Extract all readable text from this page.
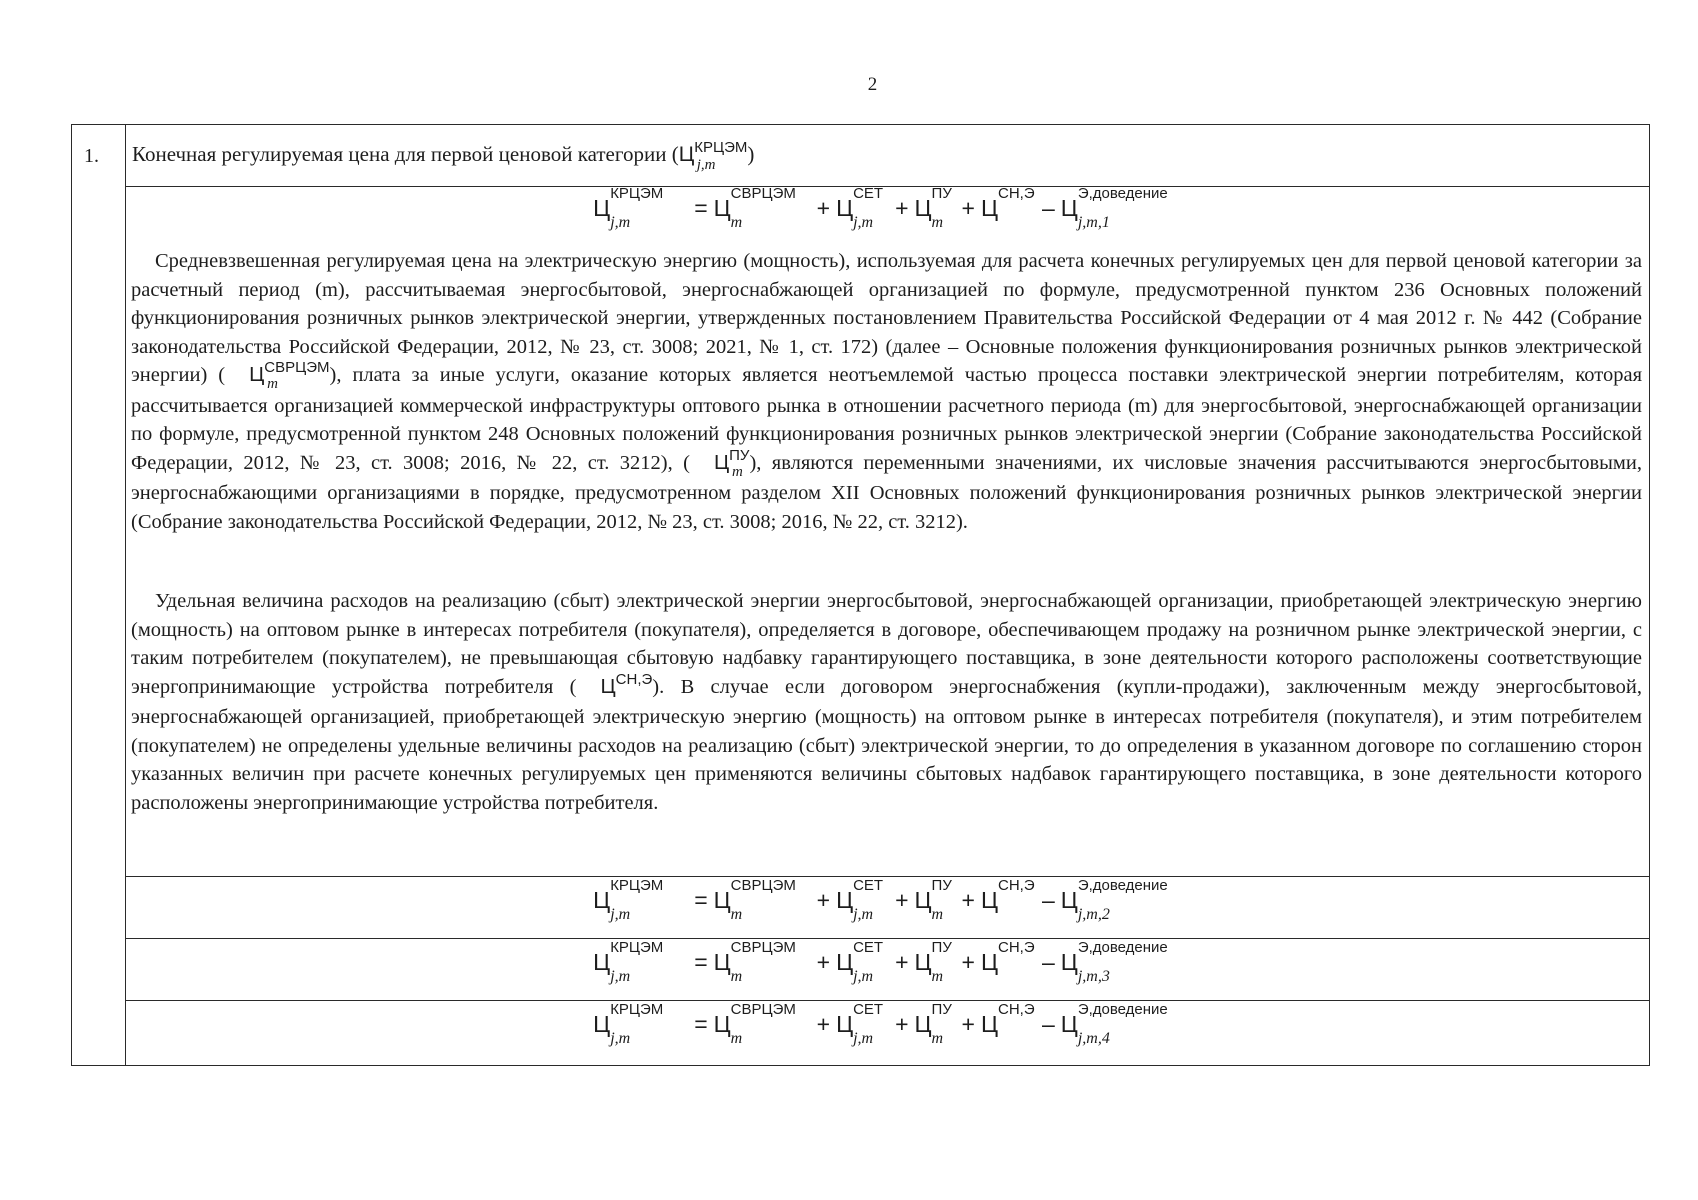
2
1. Конечная регулируемая цена для первой ценовой категории ($Ц^{КРЦЭМ}$
j,m )
Ц
КРЦЭМ
j,m
= Ц
СВРЦЭМ
m
+ Ц
СЕТ
j,m
+ Ц
ПУ
m
+ Ц
СН,Э
– Ц
Э,доведение
j,m,1

Средневзвешенная регулируемая цена на электрическую энергию (мощность), используемая для расчета конечных регулируемых цен для первой ценовой категории за расчетный период (m), рассчитываемая энергосбытовой, энергоснабжающей организацией по формуле, предусмотренной пунктом 236 Основных положений функционирования розничных рынков электрической энергии, утвержденных постановлением Правительства Российской Федерации от 4 мая 2012 г. № 442 (Собрание законодательства Российской Федерации, 2012, № 23, ст. 3008; 2021, № 1, ст. 172) (далее – Основные положения функционирования розничных рынков электрической энергии) ( $Ц^{СВРЦЭМ}$
m	), плата за иные услуги, оказание которых является неотъемлемой частью процесса поставки электрической энергии потребителям, которая рассчитывается организацией коммерческой инфраструктуры оптового рынка в отношении расчетного периода (m) для энергосбытовой, энергоснабжающей организации по формуле, предусмотренной пунктом 248 Основных положений функционирования розничных рынков электрической энергии (Собрание законодательства Российской Федерации, 2012, № 23, ст. 3008; 2016, № 22, ст. 3212), ( $Ц^{ПУ}$
m ), являются переменными значениями, их числовые значения рассчитываются энергосбытовыми, энергоснабжающими организациями в порядке, предусмотренном разделом XII Основных положений функционирования розничных рынков электрической энергии (Собрание законодательства Российской Федерации, 2012, № 23, ст. 3008; 2016, № 22, ст. 3212).

Удельная величина расходов на реализацию (сбыт) электрической энергии энергосбытовой, энергоснабжающей организации, приобретающей электрическую энергию (мощность) на оптовом рынке в интересах потребителя (покупателя), определяется в договоре, обеспечивающем продажу на розничном рынке электрической энергии, с таким потребителем (покупателем), не превышающая сбытовую надбавку гарантирующего поставщика, в зоне деятельности которого расположены соответствующие энергопринимающие устройства потребителя ( $Ц^{СН,Э}$). В случае если договором энергоснабжения (купли-продажи), заключенным между энергосбытовой, энергоснабжающей организацией, приобретающей электрическую энергию (мощность) на оптовом рынке в интересах потребителя (покупателя), и этим потребителем (покупателем) не определены удельные величины расходов на реализацию (сбыт) электрической энергии, то до определения в указанном договоре по соглашению сторон указанных величин при расчете конечных регулируемых цен применяются величины сбытовых надбавок гарантирующего поставщика, в зоне деятельности которого расположены энергопринимающие устройства потребителя.

Ц
КРЦЭМ
j,m
= Ц
СВРЦЭМ
m
+ Ц
СЕТ
j,m
+ Ц
ПУ
m
+ Ц
СН,Э
– Ц
Э,доведение
j,m,2
Ц
КРЦЭМ
j,m
= Ц
СВРЦЭМ
m
+ Ц
СЕТ
j,m
+ Ц
ПУ
m
+ Ц
СН,Э
– Ц
Э,доведение
j,m,3
Ц
КРЦЭМ
j,m
= Ц
СВРЦЭМ
m
+ Ц
СЕТ
j,m
+ Ц
ПУ
m
+ Ц
СН,Э
– Ц
Э,доведение
j,m,4
